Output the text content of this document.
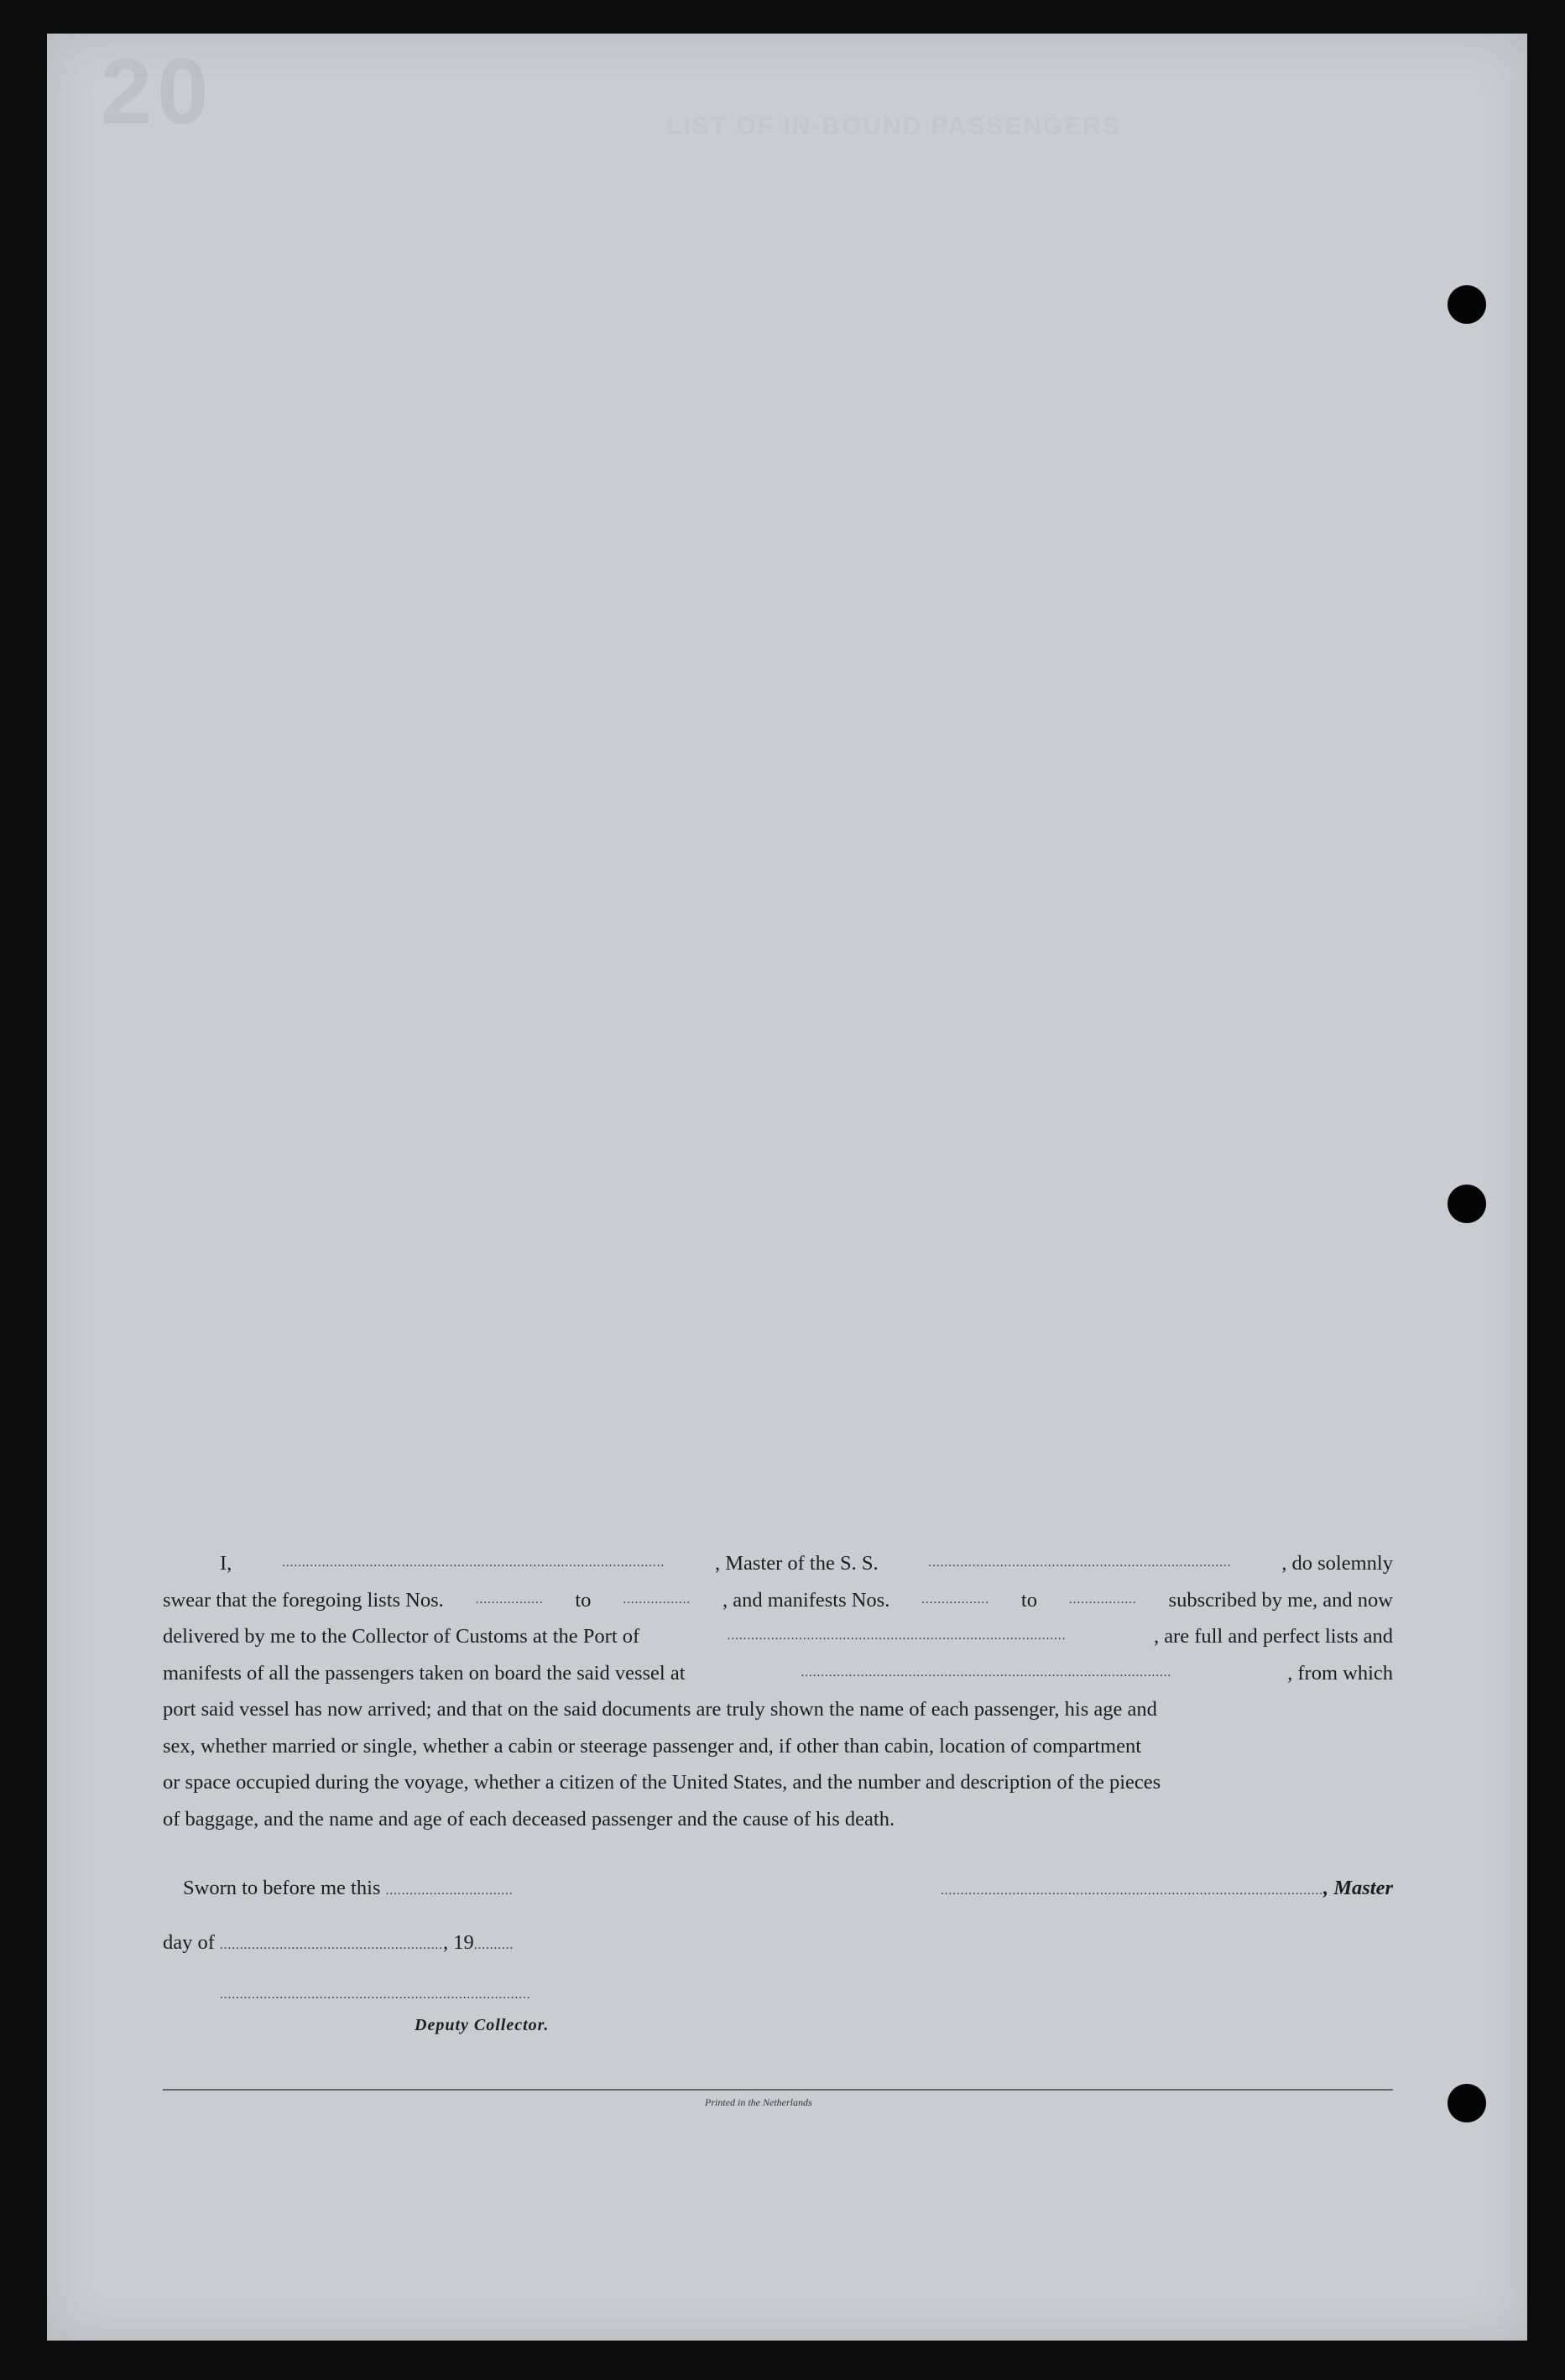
20	LIST OF IN-BOUND PASSENGERS
I,	................................................................................................ , Master of the S. S.	............................................................................ , do solemnly
swear that the foregoing lists Nos.	................. to	................. , and manifests Nos.	................. to	................. subscribed by me, and now
delivered by me to the Collector of Customs at the Port of	.....................................................................................	, are full and perfect lists and
manifests of all the passengers taken on board the said vessel at	.............................................................................................	, from which
port said vessel has now arrived; and that on the said documents are truly shown the name of each passenger, his age and
sex, whether married or single, whether a cabin or steerage passenger and, if other than cabin, location of compartment
or space occupied during the voyage, whether a citizen of the United States, and the number and description of the pieces
of baggage, and the name and age of each deceased passenger and the cause of his death.
Sworn to before me this ................................	................................................................................................, Master
day of ........................................................, 19..........
..............................................................................
Deputy Collector.
Printed in the Netherlands
